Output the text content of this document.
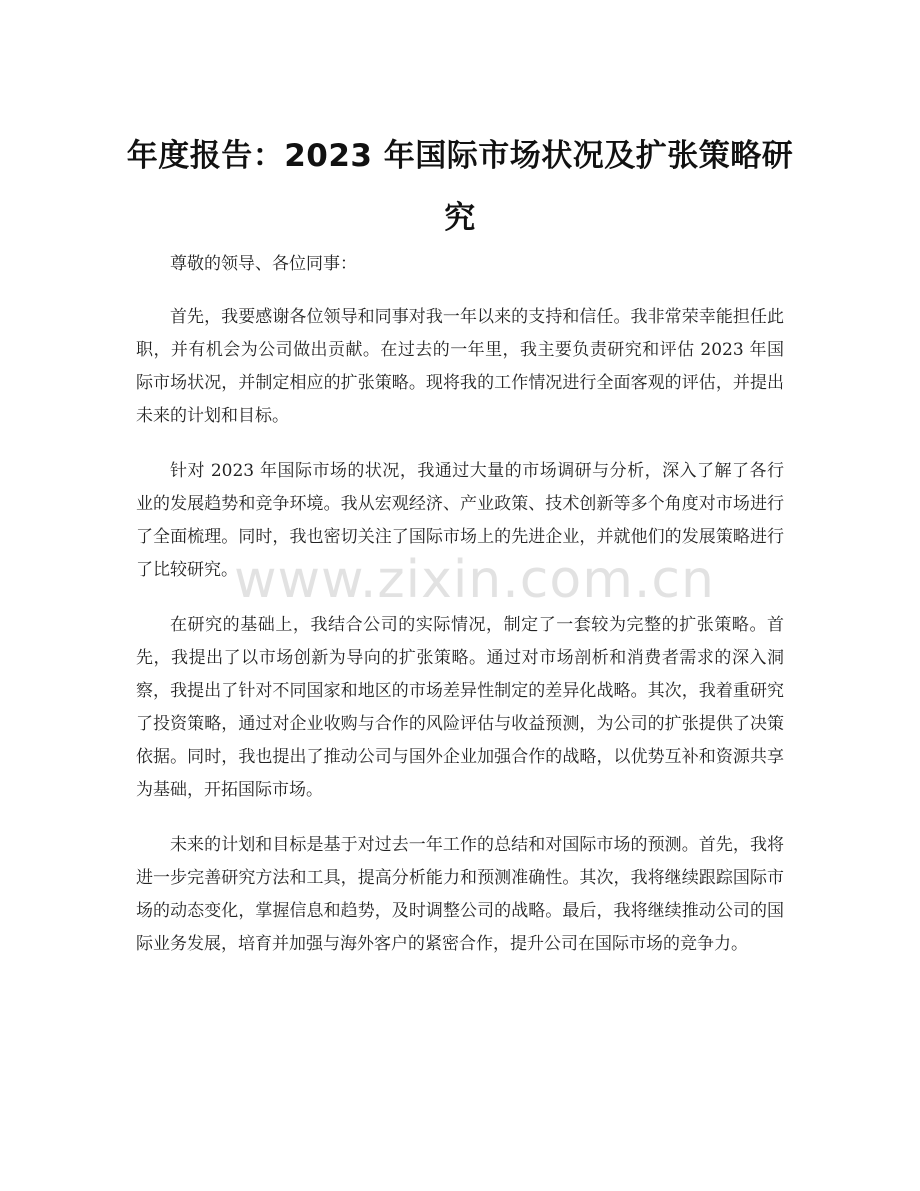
年度报告：2023 年国际市场状况及扩张策略研究

尊敬的领导、各位同事：

首先，我要感谢各位领导和同事对我一年以来的支持和信任。我非常荣幸能担任此职，并有机会为公司做出贡献。在过去的一年里，我主要负责研究和评估 2023 年国际市场状况，并制定相应的扩张策略。现将我的工作情况进行全面客观的评估，并提出未来的计划和目标。

针对 2023 年国际市场的状况，我通过大量的市场调研与分析，深入了解了各行业的发展趋势和竞争环境。我从宏观经济、产业政策、技术创新等多个角度对市场进行了全面梳理。同时，我也密切关注了国际市场上的先进企业，并就他们的发展策略进行了比较研究。

在研究的基础上，我结合公司的实际情况，制定了一套较为完整的扩张策略。首先，我提出了以市场创新为导向的扩张策略。通过对市场剖析和消费者需求的深入洞察，我提出了针对不同国家和地区的市场差异性制定的差异化战略。其次，我着重研究了投资策略，通过对企业收购与合作的风险评估与收益预测，为公司的扩张提供了决策依据。同时，我也提出了推动公司与国外企业加强合作的战略，以优势互补和资源共享为基础，开拓国际市场。

未来的计划和目标是基于对过去一年工作的总结和对国际市场的预测。首先，我将进一步完善研究方法和工具，提高分析能力和预测准确性。其次，我将继续跟踪国际市场的动态变化，掌握信息和趋势，及时调整公司的战略。最后，我将继续推动公司的国际业务发展，培育并加强与海外客户的紧密合作，提升公司在国际市场的竞争力。

www.zixin.com.cn
